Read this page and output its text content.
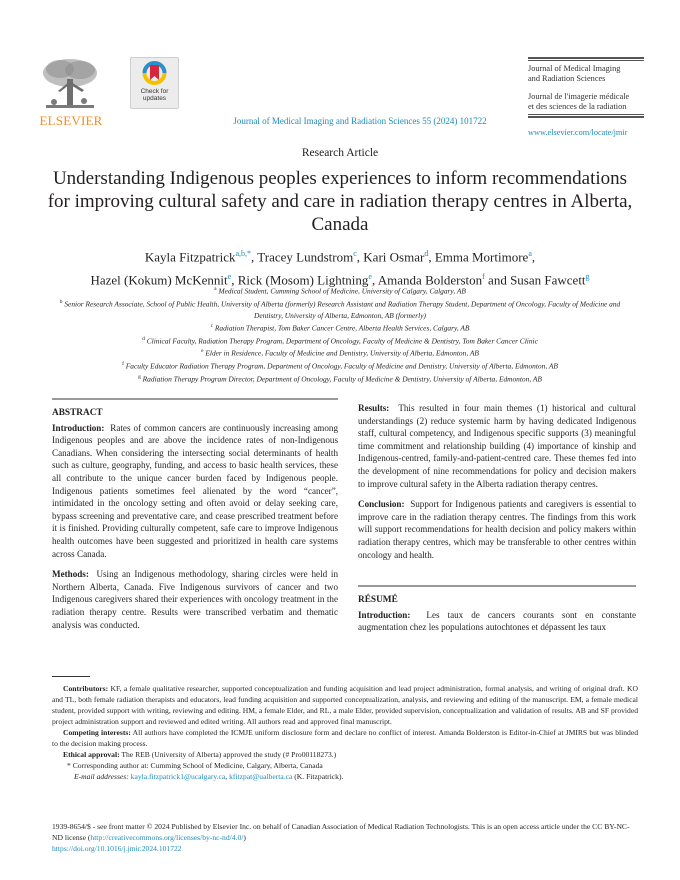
ELSEVIER
Check for updates
Journal of Medical Imaging and Radiation Sciences 55 (2024) 101722
Journal of Medical Imaging
and Radiation Sciences
Journal de l'imagerie médicale
et des sciences de la radiation
www.elsevier.com/locate/jmir
Research Article
Understanding Indigenous peoples experiences to inform recommendations for improving cultural safety and care in radiation therapy centres in Alberta, Canada
Kayla Fitzpatrick$^{a,b,*}$, Tracey Lundstrom$^c$, Kari Osmar$^d$, Emma Mortimore$^a$,
Hazel (Kokum) McKennit$^e$, Rick (Mosom) Lightning$^e$, Amanda Bolderston$^f$ and Susan Fawcett$^g$
$^a$ Medical Student, Cumming School of Medicine, University of Calgary, Calgary, AB
$^b$ Senior Research Associate, School of Public Health, University of Alberta (formerly) Research Assistant and Radiation Therapy Student, Department of Oncology, Faculty of Medicine and Dentistry, University of Alberta, Edmonton, AB (formerly)
$^c$ Radiation Therapist, Tom Baker Cancer Centre, Alberta Health Services, Calgary, AB
$^d$ Clinical Faculty, Radiation Therapy Program, Department of Oncology, Faculty of Medicine & Dentistry, Tom Baker Cancer Clinic
$^e$ Elder in Residence, Faculty of Medicine and Dentistry, University of Alberta, Edmonton, AB
$^f$ Faculty Educator Radiation Therapy Program, Department of Oncology, Faculty of Medicine and Dentistry, University of Alberta, Edmonton, AB
$^g$ Radiation Therapy Program Director, Department of Oncology, Faculty of Medicine & Dentistry, University of Alberta, Edmonton, AB
ABSTRACT

Introduction: Rates of common cancers are continuously increasing among Indigenous peoples and are above the incidence rates of non-Indigenous Canadians. When considering the intersecting social determinants of health such as culture, geography, funding, and access to basic health services, these all contribute to the unique cancer burden faced by Indigenous people. Indigenous patients sometimes feel alienated by the word “cancer”, intimidated in the oncology setting and often avoid or delay seeking care, bypass screening and preventative care, and cease prescribed treatment before it is finished. Providing culturally competent, safe care to improve Indigenous health outcomes have been suggested and prioritized in health care systems across Canada.

Methods: Using an Indigenous methodology, sharing circles were held in Northern Alberta, Canada. Five Indigenous survivors of cancer and two Indigenous caregivers shared their experiences with oncology treatment in the radiation therapy centre. Results were transcribed verbatim and thematic analysis was conducted.

Results: This resulted in four main themes (1) historical and cultural understandings (2) reduce systemic harm by having dedicated Indigenous staff, cultural competency, and Indigenous specific supports (3) meaningful time commitment and relationship building (4) importance of kinship and Indigenous-centred, family-and-patient-centred care. These themes fed into the development of nine recommendations for policy and decision makers to improve cultural safety in the Alberta radiation therapy centres.

Conclusion: Support for Indigenous patients and caregivers is essential to improve care in the radiation therapy centres. The findings from this work will support recommendations for health decision and policy makers within radiation therapy centres, which may be transferable to other centres within oncology and health.

RÉSUMÉ

Introduction: Les taux de cancers courants sont en constante augmentation chez les populations autochtones et dépassent les taux

Contributors: KF, a female qualitative researcher, supported conceptualization and funding acquisition and lead project administration, formal analysis, and writing of original draft. KO and TL, both female radiation therapists and educators, lead funding acquisition and supported conceptualization, analysis, and reviewing and editing of the manuscript. EM, a female medical student, provided support with writing, reviewing and editing. HM, a female Elder, and RL, a male Elder, provided supervision, conceptualization and validation of results. AB and SF provided project administration support and reviewed and edited writing. All authors read and approved final manuscript.

Competing interests: All authors have completed the ICMJE uniform disclosure form and declare no conflict of interest. Amanda Bolderston is Editor-in-Chief at JMIRS but was blinded to the decision making process.

Ethical approval: The REB (University of Alberta) approved the study (# Pro00118273.)

* Corresponding author at: Cumming School of Medicine, Calgary, Alberta, Canada

E-mail addresses: kayla.fitzpatrick1@ucalgary.ca, kfitzpat@ualberta.ca (K. Fitzpatrick).

1939-8654/$ - see front matter © 2024 Published by Elsevier Inc. on behalf of Canadian Association of Medical Radiation Technologists. This is an open access article under the CC BY-NC-ND license (http://creativecommons.org/licenses/by-nc-nd/4.0/)

https://doi.org/10.1016/j.jmir.2024.101722
